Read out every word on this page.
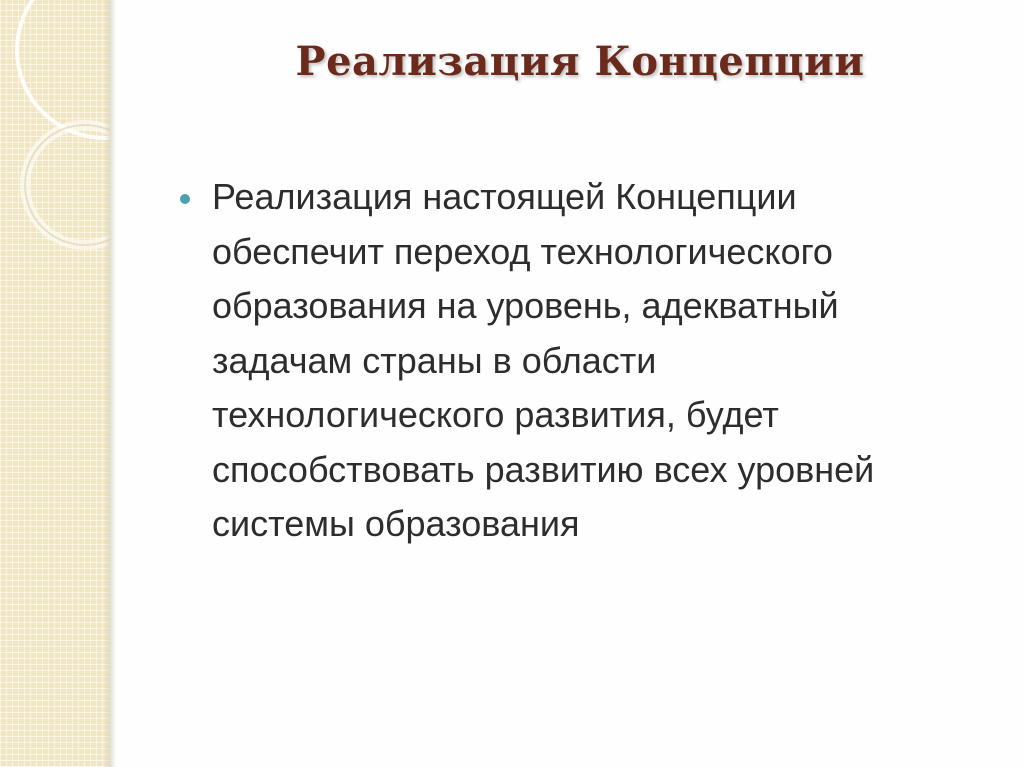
Реализация Концепции

Реализация настоящей Концепции
обеспечит переход технологического
образования на уровень, адекватный
задачам страны в области
технологического развития, будет
способствовать развитию всех уровней
системы образования
